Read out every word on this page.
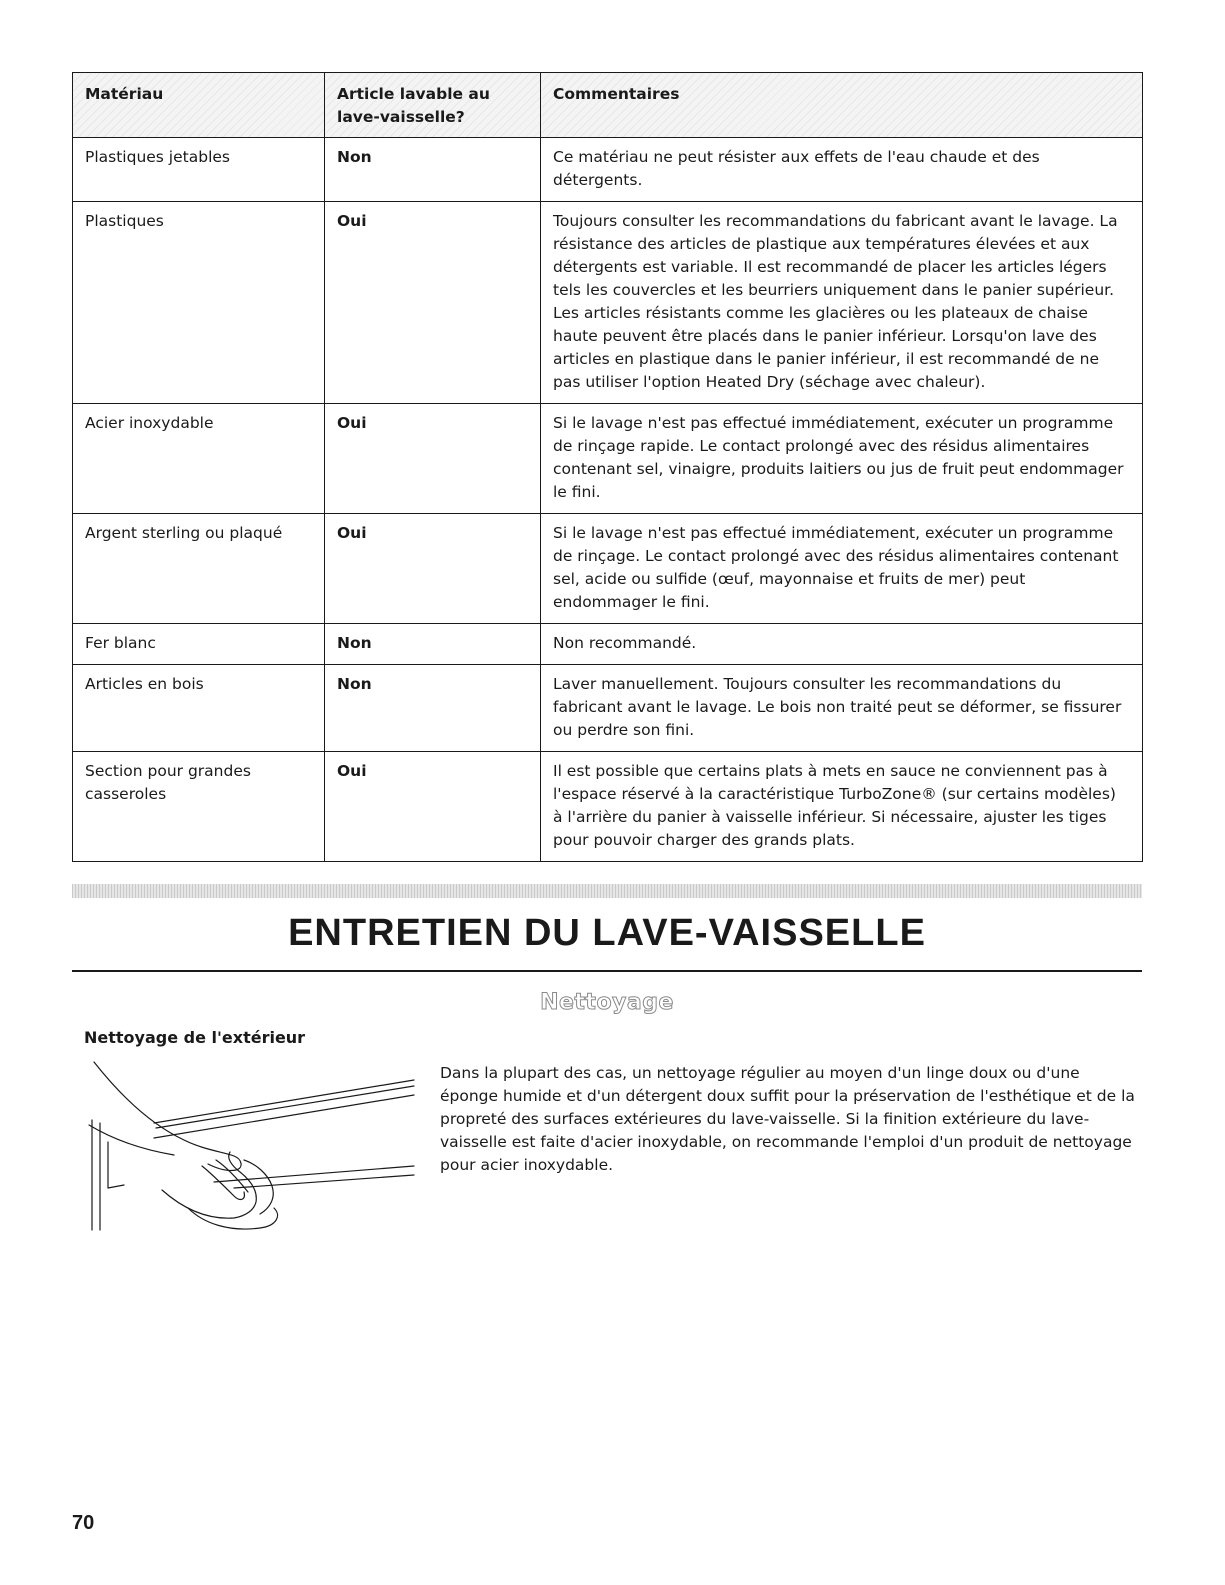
Matériau	Article lavable au lave-vaisselle?	Commentaires
Plastiques jetables	Non	Ce matériau ne peut résister aux effets de l'eau chaude et des détergents.
Plastiques	Oui	Toujours consulter les recommandations du fabricant avant le lavage. La résistance des articles de plastique aux températures élevées et aux détergents est variable. Il est recommandé de placer les articles légers tels les couvercles et les beurriers uniquement dans le panier supérieur. Les articles résistants comme les glacières ou les plateaux de chaise haute peuvent être placés dans le panier inférieur. Lorsqu'on lave des articles en plastique dans le panier inférieur, il est recommandé de ne pas utiliser l'option Heated Dry (séchage avec chaleur).
Acier inoxydable	Oui	Si le lavage n'est pas effectué immédiatement, exécuter un programme de rinçage rapide. Le contact prolongé avec des résidus alimentaires contenant sel, vinaigre, produits laitiers ou jus de fruit peut endommager le fini.
Argent sterling ou plaqué	Oui	Si le lavage n'est pas effectué immédiatement, exécuter un programme de rinçage. Le contact prolongé avec des résidus alimentaires contenant sel, acide ou sulfide (œuf, mayonnaise et fruits de mer) peut endommager le fini.
Fer blanc	Non	Non recommandé.
Articles en bois	Non	Laver manuellement. Toujours consulter les recommandations du fabricant avant le lavage. Le bois non traité peut se déformer, se fissurer ou perdre son fini.
Section pour grandes casseroles	Oui	Il est possible que certains plats à mets en sauce ne conviennent pas à l'espace réservé à la caractéristique TurboZone® (sur certains modèles) à l'arrière du panier à vaisselle inférieur. Si nécessaire, ajuster les tiges pour pouvoir charger des grands plats.
ENTRETIEN DU LAVE-VAISSELLE
Nettoyage
Nettoyage de l'extérieur

Dans la plupart des cas, un nettoyage régulier au moyen d'un linge doux ou d'une éponge humide et d'un détergent doux suffit pour la préservation de l'esthétique et de la propreté des surfaces extérieures du lave-vaisselle. Si la finition extérieure du lave-vaisselle est faite d'acier inoxydable, on recommande l'emploi d'un produit de nettoyage pour acier inoxydable.

70
